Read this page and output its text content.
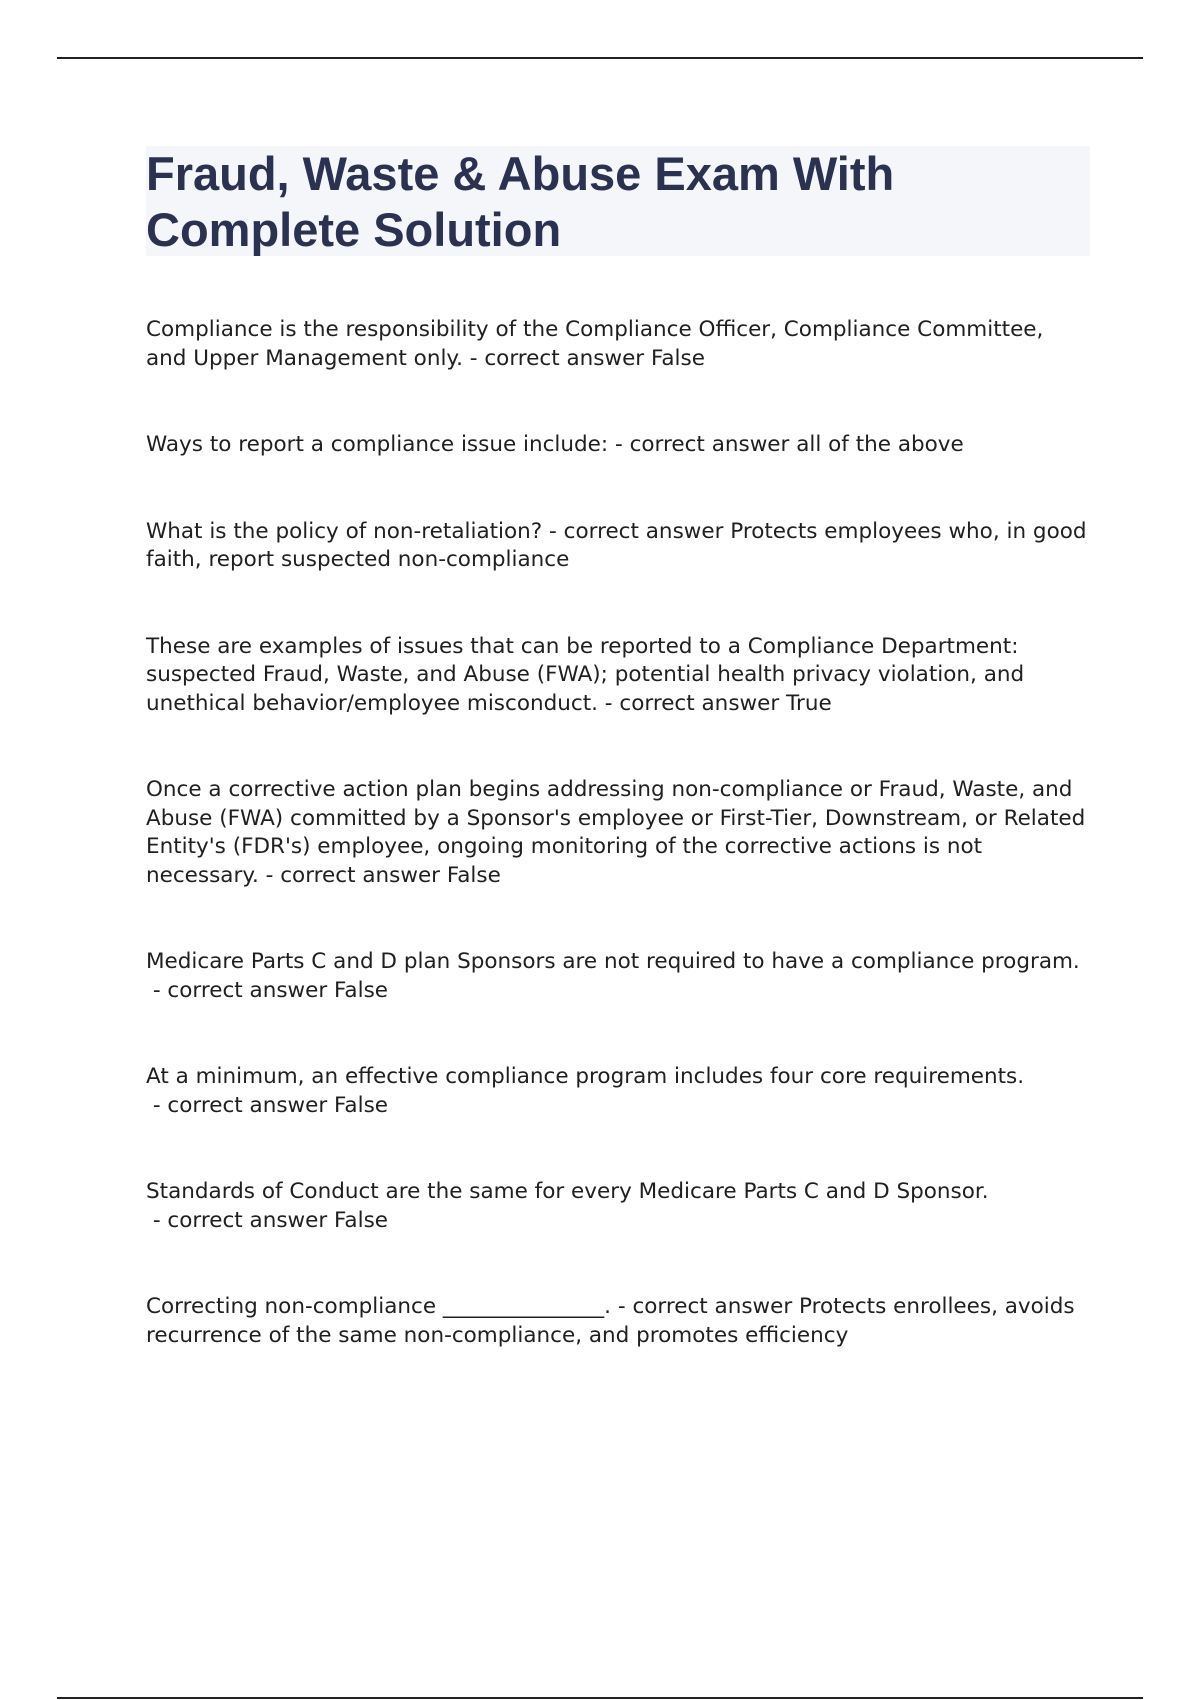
Fraud, Waste & Abuse Exam With Complete Solution

Compliance is the responsibility of the Compliance Officer, Compliance Committee, and Upper Management only. - correct answer False

Ways to report a compliance issue include: - correct answer all of the above

What is the policy of non-retaliation? - correct answer Protects employees who, in good faith, report suspected non-compliance

These are examples of issues that can be reported to a Compliance Department: suspected Fraud, Waste, and Abuse (FWA); potential health privacy violation, and unethical behavior/employee misconduct. - correct answer True

Once a corrective action plan begins addressing non-compliance or Fraud, Waste, and Abuse (FWA) committed by a Sponsor's employee or First-Tier, Downstream, or Related Entity's (FDR's) employee, ongoing monitoring of the corrective actions is not necessary. - correct answer False

Medicare Parts C and D plan Sponsors are not required to have a compliance program. - correct answer False

At a minimum, an effective compliance program includes four core requirements. - correct answer False

Standards of Conduct are the same for every Medicare Parts C and D Sponsor. - correct answer False

Correcting non-compliance _______________. - correct answer Protects enrollees, avoids recurrence of the same non-compliance, and promotes efficiency
